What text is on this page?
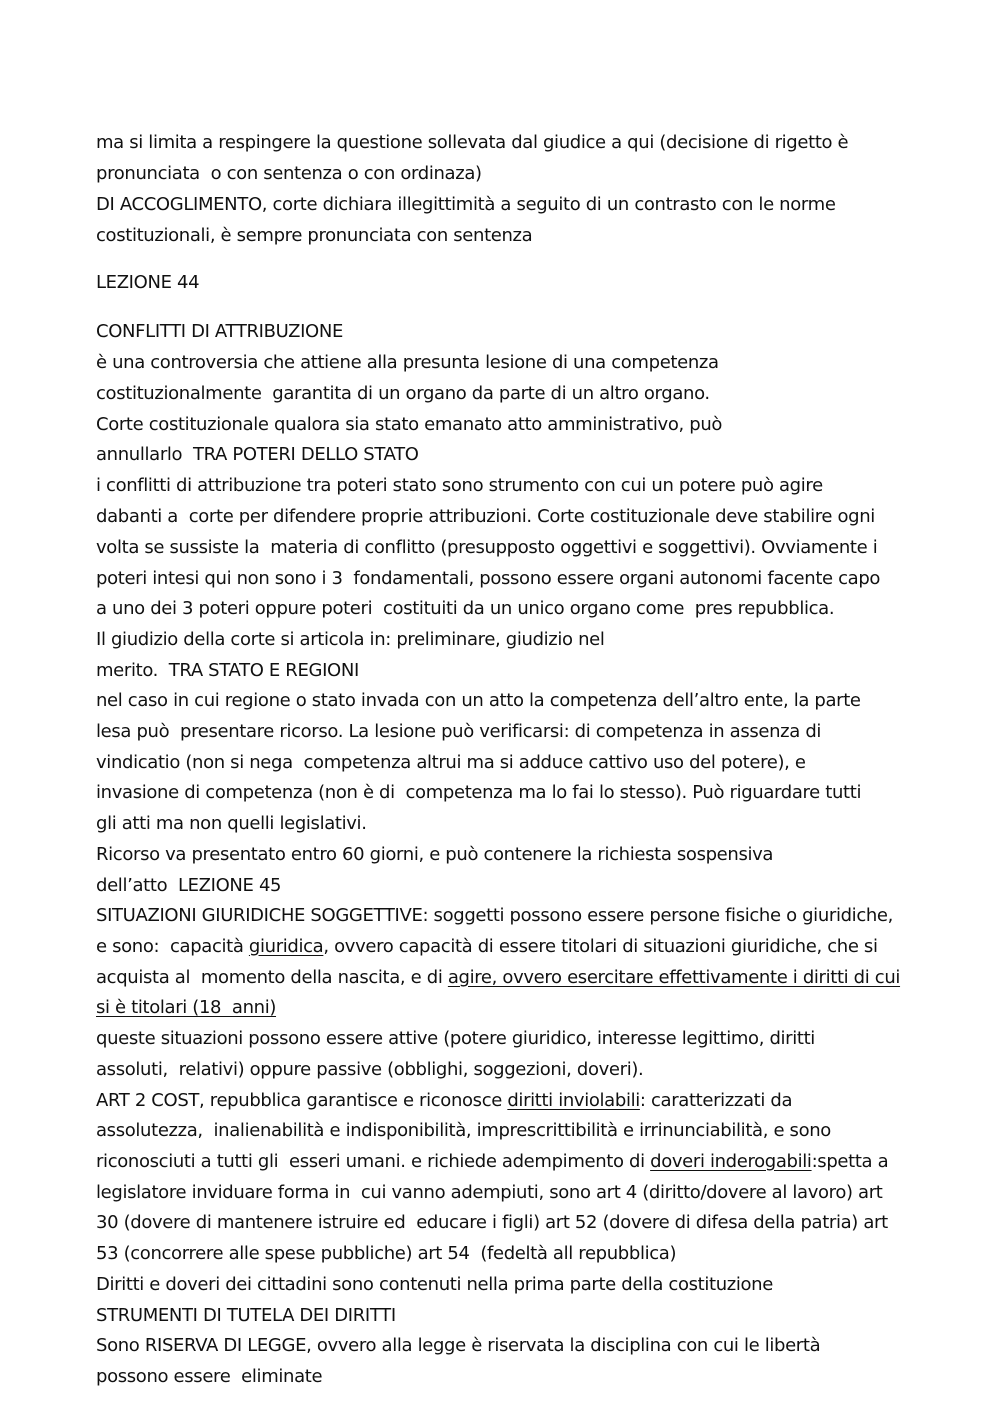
ma si limita a respingere la questione sollevata dal giudice a qui (decisione di rigetto è
pronunciata  o con sentenza o con ordinaza)
DI ACCOGLIMENTO, corte dichiara illegittimità a seguito di un contrasto con le norme
costituzionali, è sempre pronunciata con sentenza
LEZIONE 44
CONFLITTI DI ATTRIBUZIONE
è una controversia che attiene alla presunta lesione di una competenza
costituzionalmente  garantita di un organo da parte di un altro organo.
Corte costituzionale qualora sia stato emanato atto amministrativo, può
annullarlo  TRA POTERI DELLO STATO
i conflitti di attribuzione tra poteri stato sono strumento con cui un potere può agire
dabanti a  corte per difendere proprie attribuzioni. Corte costituzionale deve stabilire ogni
volta se sussiste la  materia di conflitto (presupposto oggettivi e soggettivi). Ovviamente i
poteri intesi qui non sono i 3  fondamentali, possono essere organi autonomi facente capo
a uno dei 3 poteri oppure poteri  costituiti da un unico organo come  pres repubblica.
Il giudizio della corte si articola in: preliminare, giudizio nel
merito.  TRA STATO E REGIONI
nel caso in cui regione o stato invada con un atto la competenza dell’altro ente, la parte
lesa può  presentare ricorso. La lesione può verificarsi: di competenza in assenza di
vindicatio (non si nega  competenza altrui ma si adduce cattivo uso del potere), e
invasione di competenza (non è di  competenza ma lo fai lo stesso). Può riguardare tutti
gli atti ma non quelli legislativi.
Ricorso va presentato entro 60 giorni, e può contenere la richiesta sospensiva
dell’atto  LEZIONE 45
SITUAZIONI GIURIDICHE SOGGETTIVE: soggetti possono essere persone fisiche o giuridiche,
e sono:  capacità giuridica, ovvero capacità di essere titolari di situazioni giuridiche, che si
acquista al  momento della nascita, e di agire, ovvero esercitare effettivamente i diritti di cui
si è titolari (18  anni)
queste situazioni possono essere attive (potere giuridico, interesse legittimo, diritti
assoluti,  relativi) oppure passive (obblighi, soggezioni, doveri).
ART 2 COST, repubblica garantisce e riconosce diritti inviolabili: caratterizzati da
assolutezza,  inalienabilità e indisponibilità, imprescrittibilità e irrinunciabilità, e sono
riconosciuti a tutti gli  esseri umani. e richiede adempimento di doveri inderogabili:spetta a
legislatore inviduare forma in  cui vanno adempiuti, sono art 4 (diritto/dovere al lavoro) art
30 (dovere di mantenere istruire ed  educare i figli) art 52 (dovere di difesa della patria) art
53 (concorrere alle spese pubbliche) art 54  (fedeltà all repubblica)
Diritti e doveri dei cittadini sono contenuti nella prima parte della costituzione
STRUMENTI DI TUTELA DEI DIRITTI
Sono RISERVA DI LEGGE, ovvero alla legge è riservata la disciplina con cui le libertà
possono essere  eliminate
